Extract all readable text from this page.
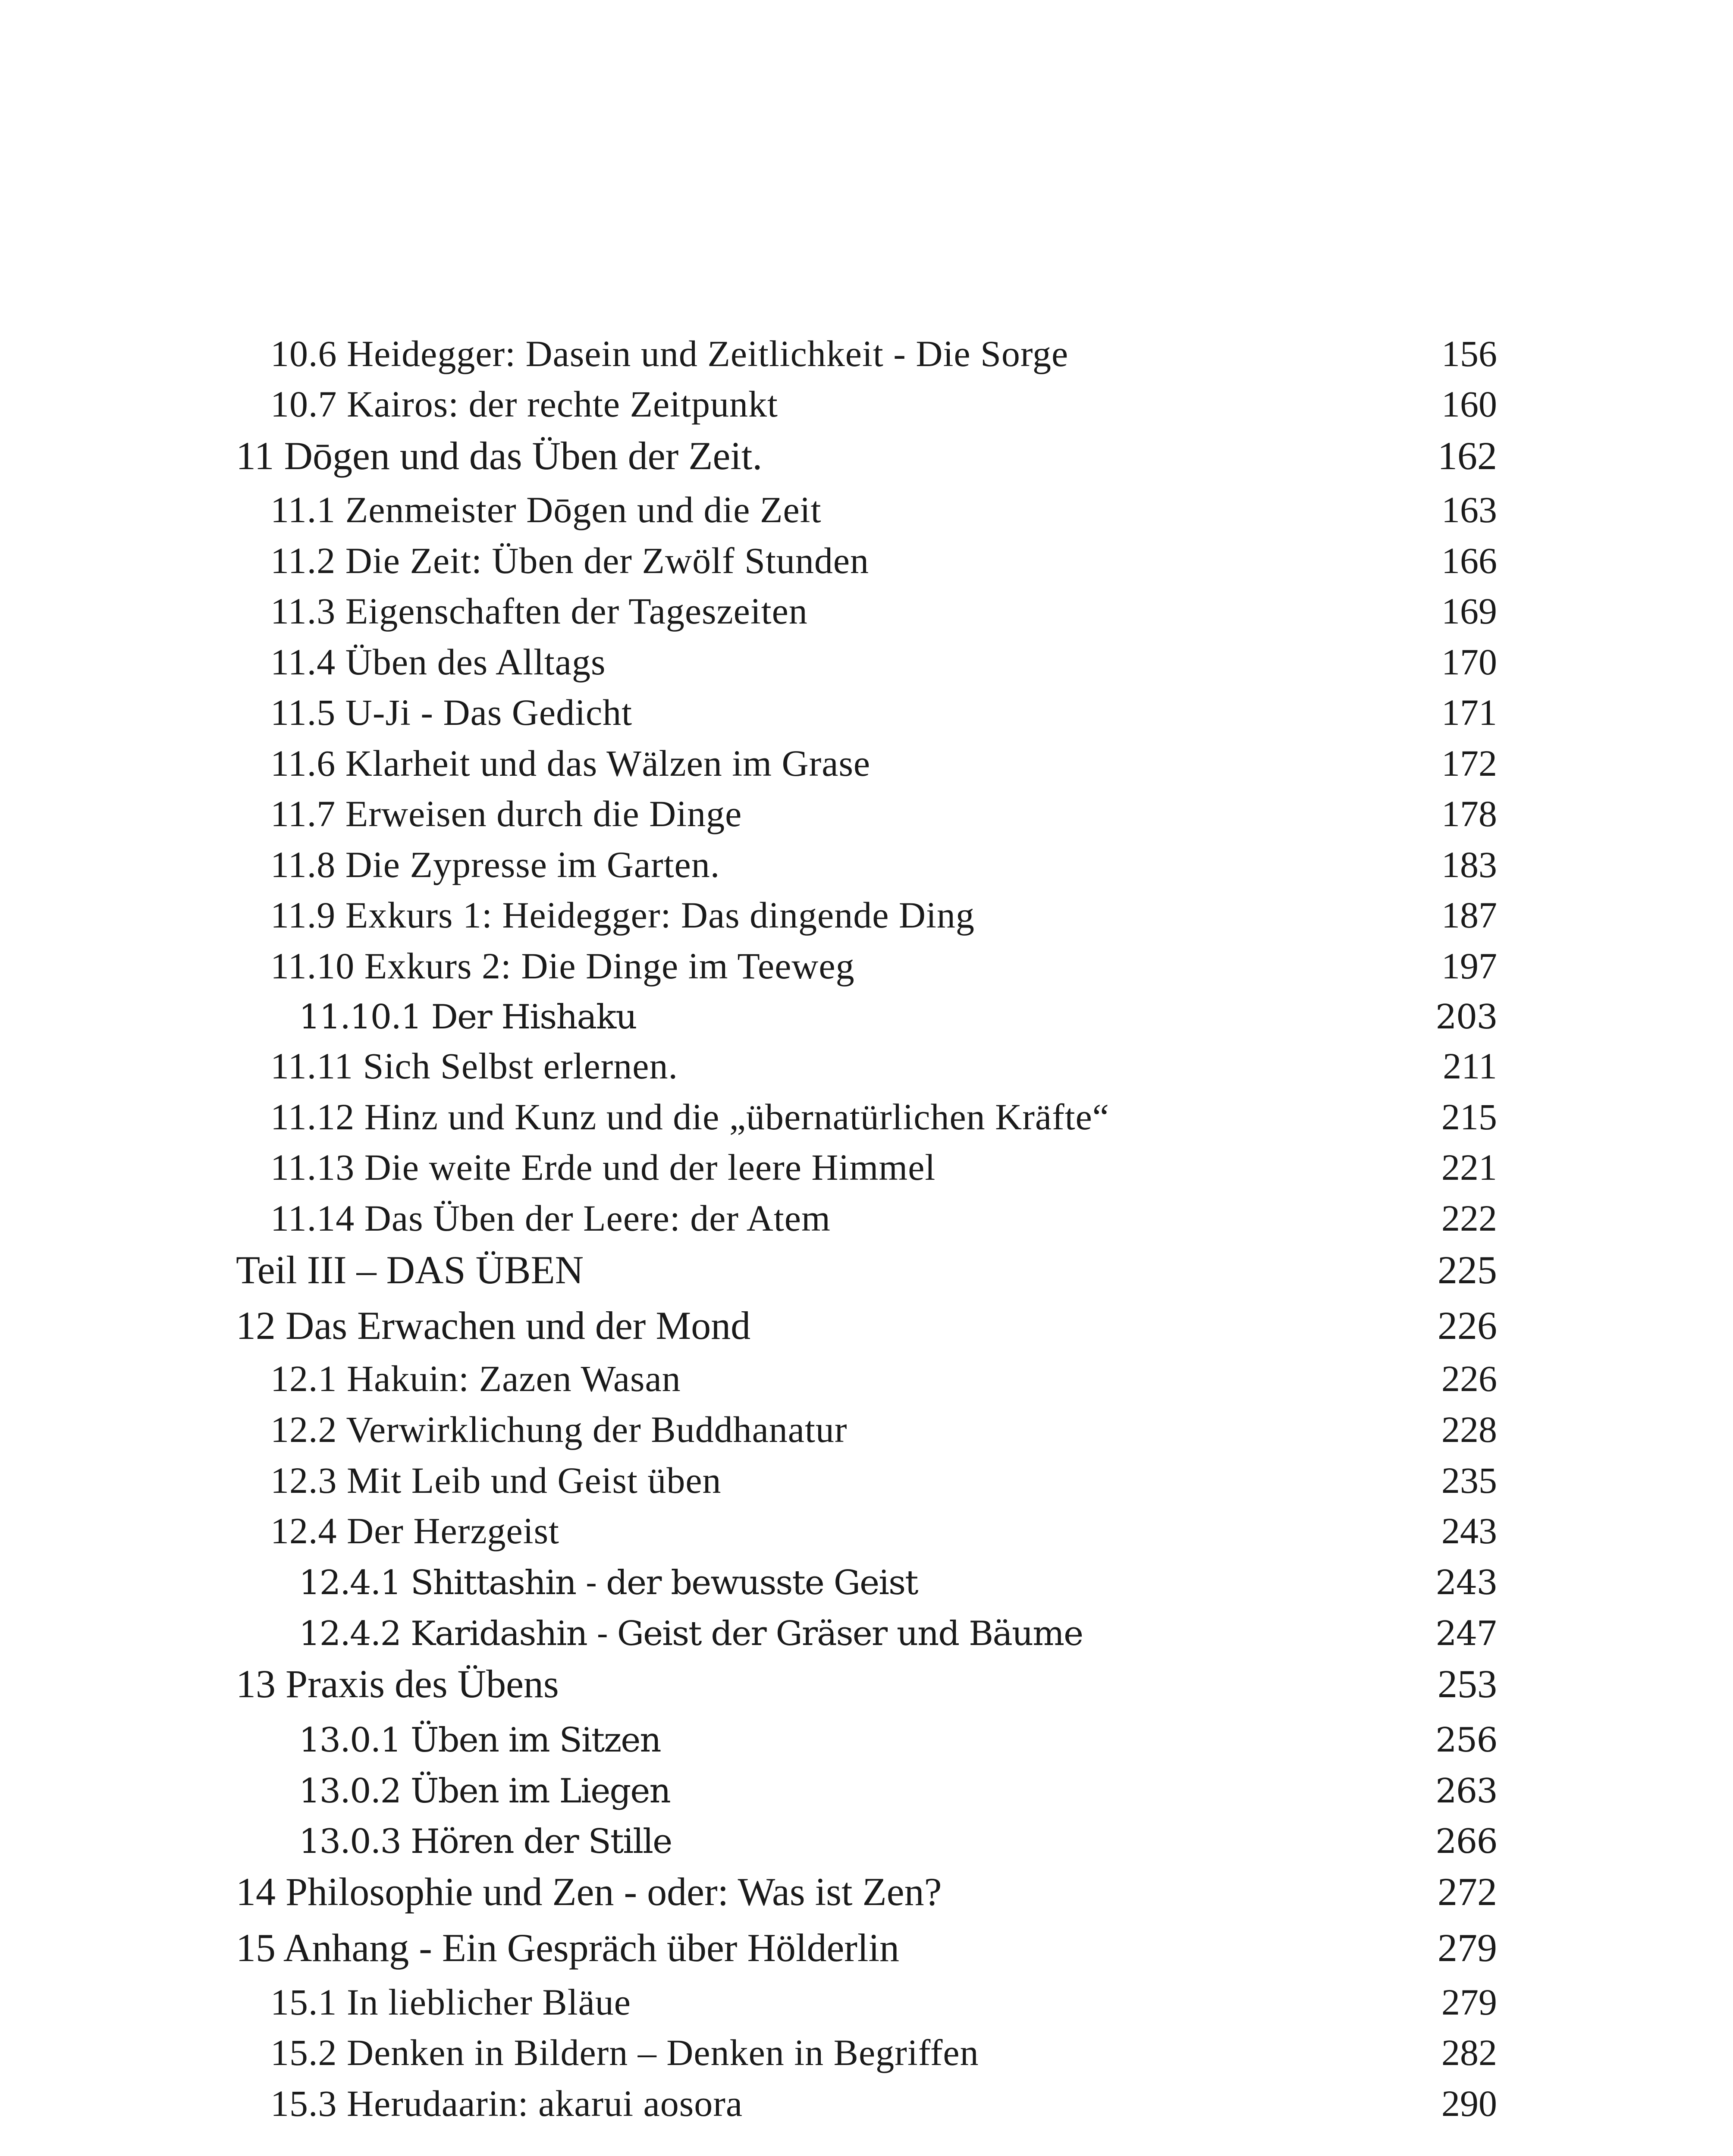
10.6 Heidegger: Dasein und Zeitlichkeit - Die Sorge	156
10.7 Kairos: der rechte Zeitpunkt	160
11 Dōgen und das Üben der Zeit.	162
11.1 Zenmeister Dōgen und die Zeit	163
11.2 Die Zeit: Üben der Zwölf Stunden	166
11.3 Eigenschaften der Tageszeiten	169
11.4 Üben des Alltags	170
11.5 U-Ji - Das Gedicht	171
11.6 Klarheit und das Wälzen im Grase	172
11.7 Erweisen durch die Dinge	178
11.8 Die Zypresse im Garten.	183
11.9 Exkurs 1: Heidegger: Das dingende Ding	187
11.10 Exkurs 2: Die Dinge im Teeweg	197
11.10.1 Der Hishaku	203
11.11 Sich Selbst erlernen.	211
11.12 Hinz und Kunz und die „übernatürlichen Kräfte“	215
11.13 Die weite Erde und der leere Himmel	221
11.14 Das Üben der Leere: der Atem	222
Teil III – DAS ÜBEN	225
12 Das Erwachen und der Mond	226
12.1 Hakuin: Zazen Wasan	226
12.2 Verwirklichung der Buddhanatur	228
12.3 Mit Leib und Geist üben	235
12.4 Der Herzgeist	243
12.4.1 Shittashin - der bewusste Geist	243
12.4.2 Karidashin - Geist der Gräser und Bäume	247
13 Praxis des Übens	253
13.0.1 Üben im Sitzen	256
13.0.2 Üben im Liegen	263
13.0.3 Hören der Stille	266
14 Philosophie und Zen - oder: Was ist Zen?	272
15 Anhang - Ein Gespräch über Hölderlin	279
15.1 In lieblicher Bläue	279
15.2 Denken in Bildern – Denken in Begriffen	282
15.3 Herudaarin: akarui aosora	290
